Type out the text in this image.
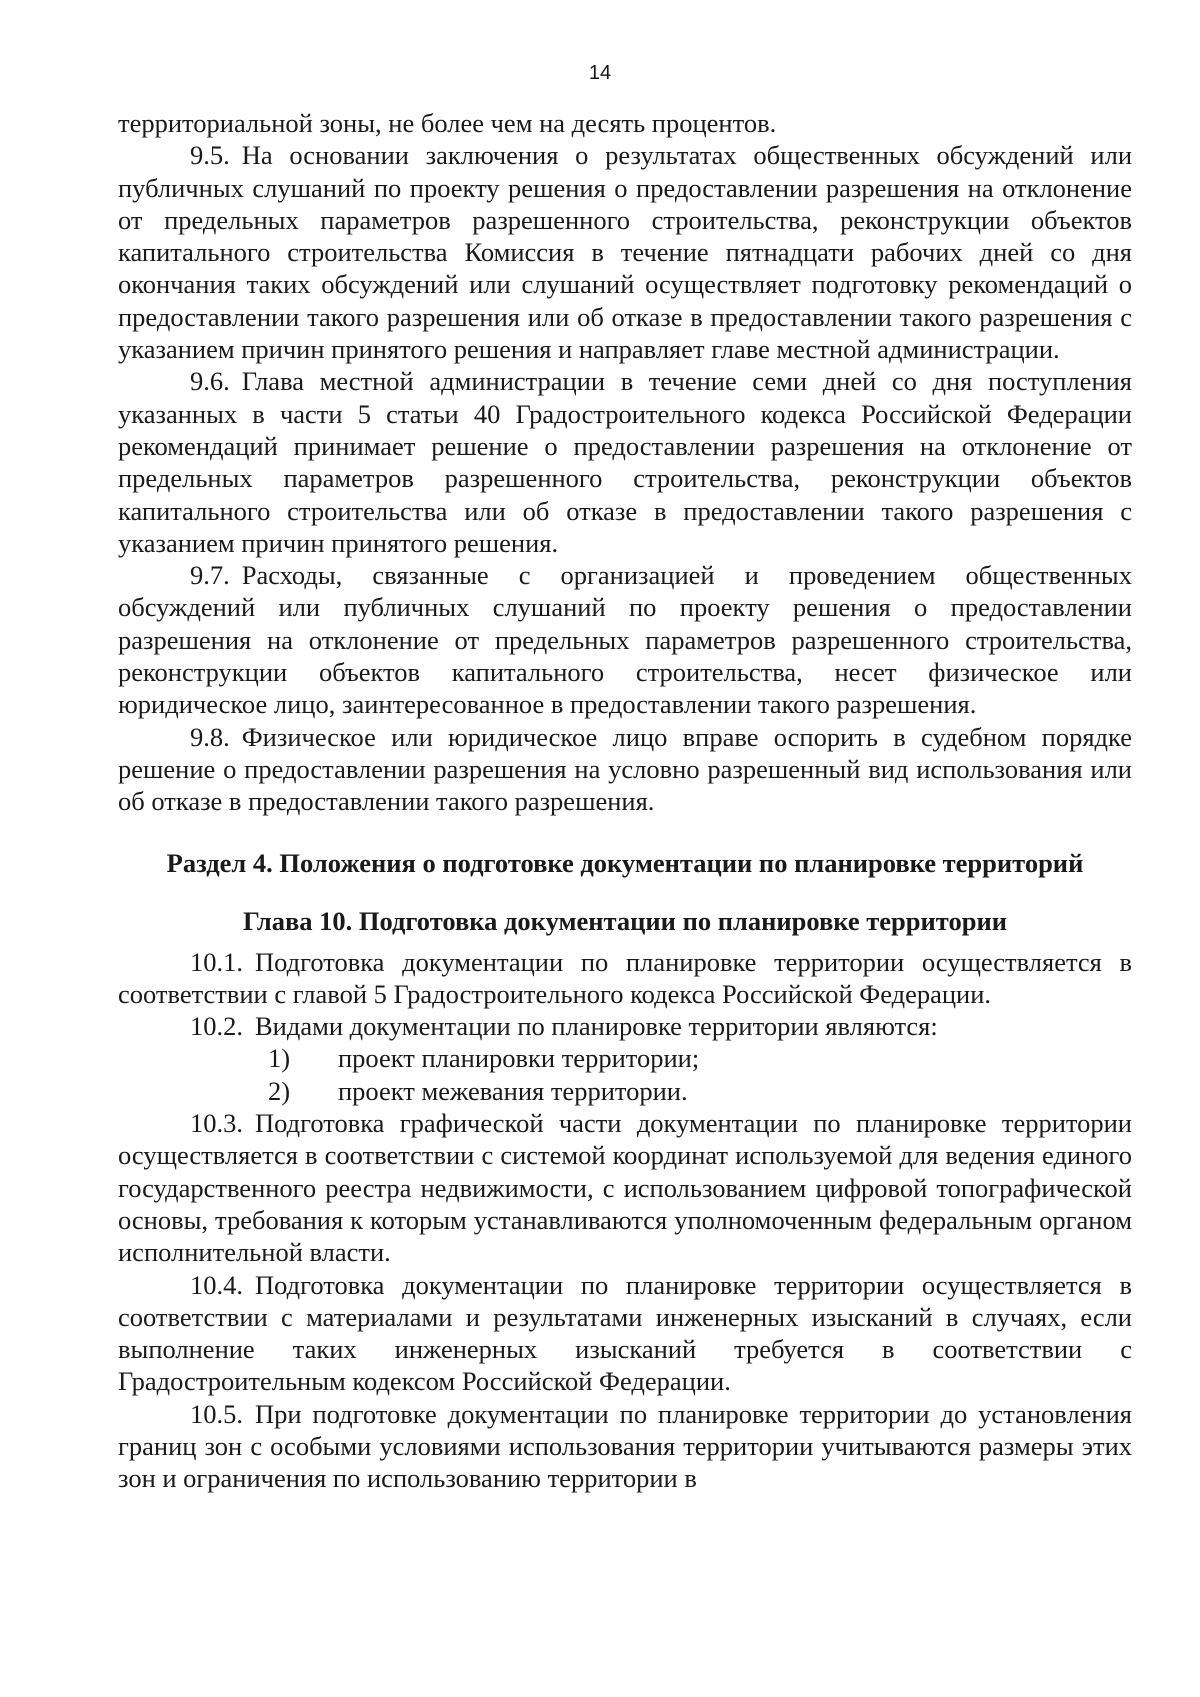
14

территориальной зоны, не более чем на десять процентов.

9.5. На основании заключения о результатах общественных обсуждений или публичных слушаний по проекту решения о предоставлении разрешения на отклонение от предельных параметров разрешенного строительства, реконструкции объектов капитального строительства Комиссия в течение пятнадцати рабочих дней со дня окончания таких обсуждений или слушаний осуществляет подготовку рекомендаций о предоставлении такого разрешения или об отказе в предоставлении такого разрешения с указанием причин принятого решения и направляет главе местной администрации.

9.6. Глава местной администрации в течение семи дней со дня поступления указанных в части 5 статьи 40 Градостроительного кодекса Российской Федерации рекомендаций принимает решение о предоставлении разрешения на отклонение от предельных параметров разрешенного строительства, реконструкции объектов капитального строительства или об отказе в предоставлении такого разрешения с указанием причин принятого решения.

9.7. Расходы, связанные с организацией и проведением общественных обсуждений или публичных слушаний по проекту решения о предоставлении разрешения на отклонение от предельных параметров разрешенного строительства, реконструкции объектов капитального строительства, несет физическое или юридическое лицо, заинтересованное в предоставлении такого разрешения.

9.8. Физическое или юридическое лицо вправе оспорить в судебном порядке решение о предоставлении разрешения на условно разрешенный вид использования или об отказе в предоставлении такого разрешения.

Раздел 4. Положения о подготовке документации по планировке территорий
Глава 10. Подготовка документации по планировке территории

10.1. Подготовка документации по планировке территории осуществляется в соответствии с главой 5 Градостроительного кодекса Российской Федерации.

10.2. Видами документации по планировке территории являются:

1) проект планировки территории;
2) проект межевания территории.

10.3. Подготовка графической части документации по планировке территории осуществляется в соответствии с системой координат используемой для ведения единого государственного реестра недвижимости, с использованием цифровой топографической основы, требования к которым устанавливаются уполномоченным федеральным органом исполнительной власти.

10.4. Подготовка документации по планировке территории осуществляется в соответствии с материалами и результатами инженерных изысканий в случаях, если выполнение таких инженерных изысканий требуется в соответствии с Градостроительным кодексом Российской Федерации.

10.5. При подготовке документации по планировке территории до установления границ зон с особыми условиями использования территории учитываются размеры этих зон и ограничения по использованию территории в
